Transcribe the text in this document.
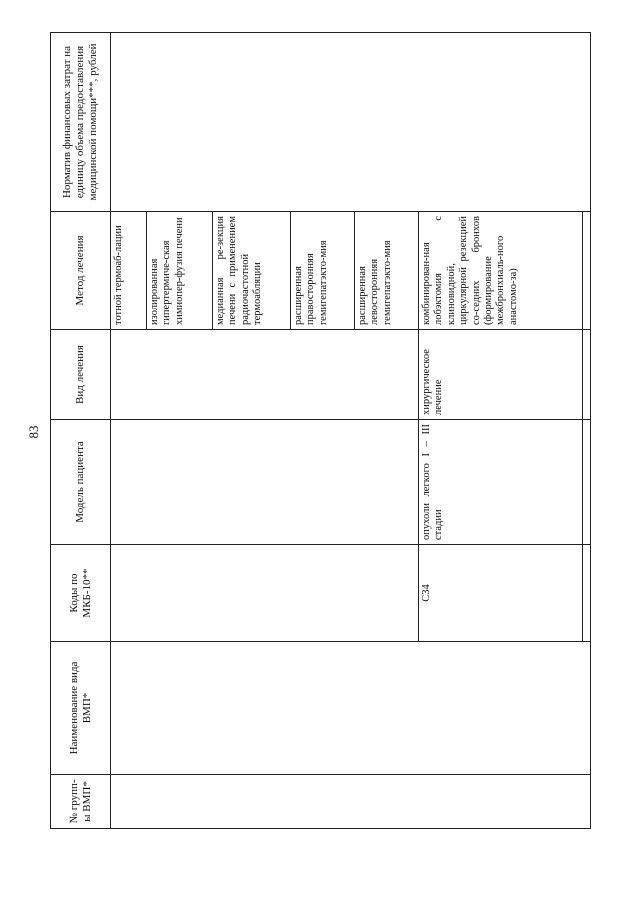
83
№ групп-ы ВМП*	Наименование вида ВМП*	Коды по МКБ-10**	Модель пациента	Вид лечения	Метод лечения	Норматив финансовых затрат на единицу объема предоставления медицинской помощи***, рублей
					тотной термоаб-лации	
					изолированная гипертермиче-ская химиопер-фузия печени	
					медианная ре-зекция печени с применением радиочастотной термоабляции	
					расширенная правосторонняя гемигепатэкто-мия	
					расширенная левосторонняя гемигепатэкто-мия	
		С34	опухоли легкого I – III стадии	хирургическое лечение	комбинирован-ная лобэктомия с клиновидной, циркулярной резекцией со-седних бронхов (формирование межбронхиаль-ного анастомо-за)	
